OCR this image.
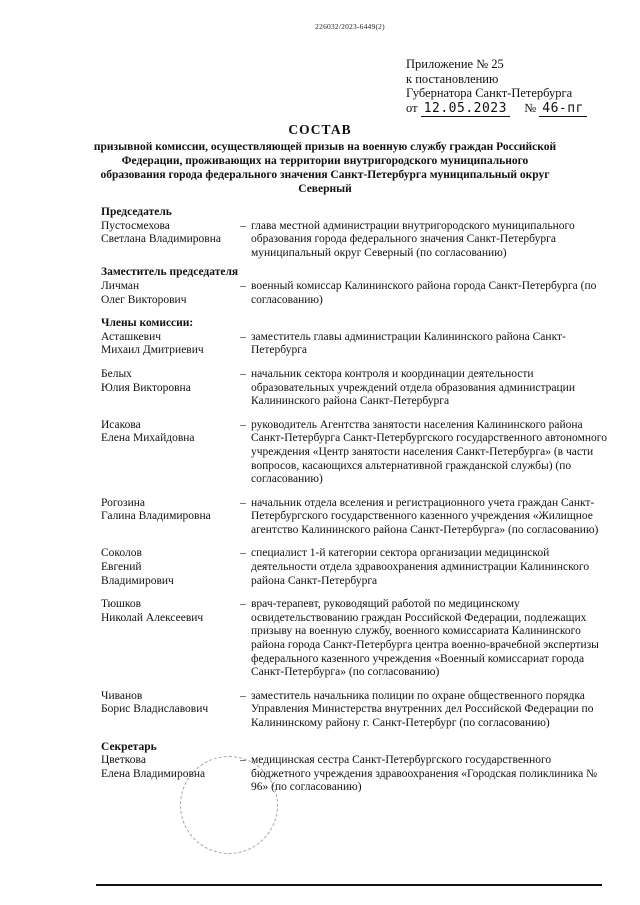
226032/2023-6449(2)
Приложение № 25
к постановлению
Губернатора Санкт-Петербурга
от 12.05.2023 № 46-пг
СОСТАВ
призывной комиссии, осуществляющей призыв на военную службу граждан Российской Федерации, проживающих на территории внутригородского муниципального образования города федерального значения Санкт-Петербурга муниципальный округ Северный
Председатель
Пустосмехова
Светлана Владимировна
– глава местной администрации внутригородского муниципального образования города федерального значения Санкт-Петербурга муниципальный округ Северный (по согласованию)
Заместитель председателя
Личман
Олег Викторович
– военный комиссар Калининского района города Санкт-Петербурга (по согласованию)
Члены комиссии:
Асташкевич
Михаил Дмитриевич
– заместитель главы администрации Калининского района Санкт-Петербурга
Белых
Юлия Викторовна
– начальник сектора контроля и координации деятельности образовательных учреждений отдела образования администрации Калининского района Санкт-Петербурга
Исакова
Елена Михайдовна
– руководитель Агентства занятости населения Калининского района Санкт-Петербурга Санкт-Петербургского государственного автономного учреждения «Центр занятости населения Санкт-Петербурга» (в части вопросов, касающихся альтернативной гражданской службы) (по согласованию)
Рогозина
Галина Владимировна
– начальник отдела вселения и регистрационного учета граждан Санкт-Петербургского государственного казенного учреждения «Жилищное агентство Калининского района Санкт-Петербурга» (по согласованию)
Соколов
Евгений
Владимирович
– специалист 1-й категории сектора организации медицинской деятельности отдела здравоохранения администрации Калининского района Санкт-Петербурга
Тюшков
Николай Алексеевич
– врач-терапевт, руководящий работой по медицинскому освидетельствованию граждан Российской Федерации, подлежащих призыву на военную службу, военного комиссариата Калининского района города Санкт-Петербурга центра военно-врачебной экспертизы федерального казенного учреждения «Военный комиссариат города Санкт-Петербурга» (по согласованию)
Чиванов
Борис Владиславович
– заместитель начальника полиции по охране общественного порядка Управления Министерства внутренних дел Российской Федерации по Калининскому району г. Санкт-Петербург (по согласованию)
Секретарь
Цветкова
Елена Владимировна
– медицинская сестра Санкт-Петербургского государственного бюджетного учреждения здравоохранения «Городская поликлиника № 96» (по согласованию)
